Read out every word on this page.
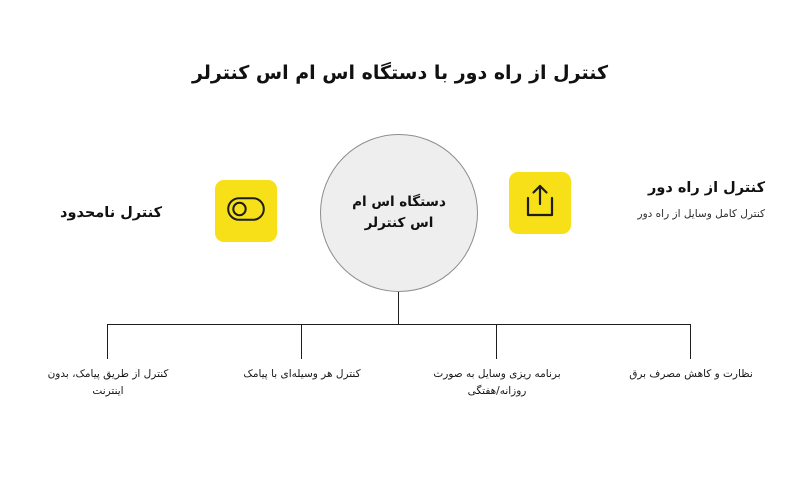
کنترل از راه دور با دستگاه اس ام اس کنترلر
دستگاه اس ام اس کنترلر
کنترل نامحدود
کنترل از راه دور
کنترل کامل وسایل از راه دور
نظارت و کاهش مصرف برق
برنامه ریزی وسایل به صورت روزانه/هفتگی
کنترل هر وسیله‌ای با پیامک
کنترل از طریق پیامک، بدون اینترنت
